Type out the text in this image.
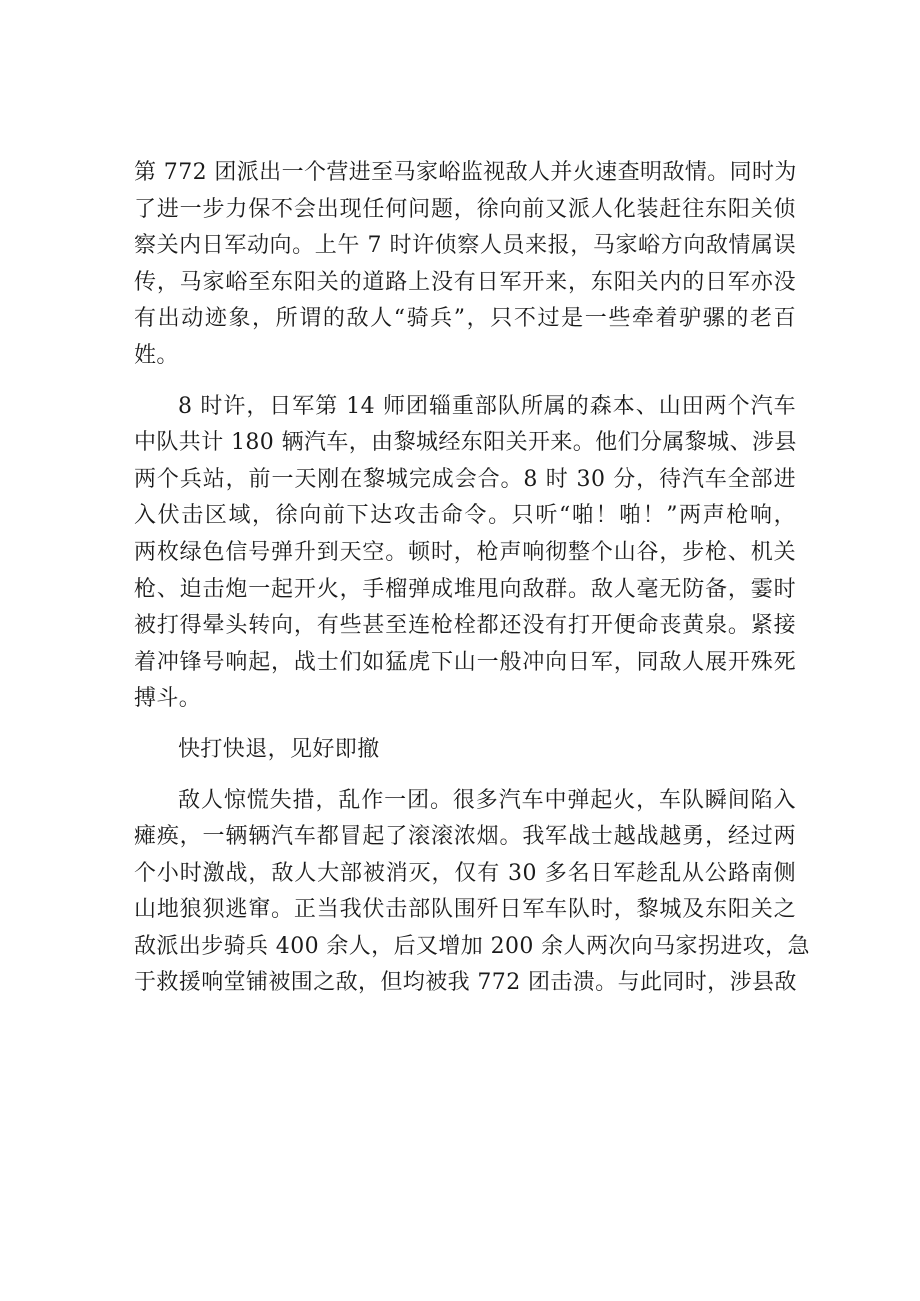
第 772 团派出一个营进至马家峪监视敌人并火速查明敌情。同时为
了进一步力保不会出现任何问题，徐向前又派人化装赶往东阳关侦
察关内日军动向。上午 7 时许侦察人员来报，马家峪方向敌情属误
传，马家峪至东阳关的道路上没有日军开来，东阳关内的日军亦没
有出动迹象，所谓的敌人“骑兵”，只不过是一些牵着驴骡的老百
姓。

8 时许，日军第 14 师团辎重部队所属的森本、山田两个汽车
中队共计 180 辆汽车，由黎城经东阳关开来。他们分属黎城、涉县
两个兵站，前一天刚在黎城完成会合。8 时 30 分，待汽车全部进
入伏击区域，徐向前下达攻击命令。只听“啪！啪！”两声枪响，
两枚绿色信号弹升到天空。顿时，枪声响彻整个山谷，步枪、机关
枪、迫击炮一起开火，手榴弹成堆甩向敌群。敌人毫无防备，霎时
被打得晕头转向，有些甚至连枪栓都还没有打开便命丧黄泉。紧接
着冲锋号响起，战士们如猛虎下山一般冲向日军，同敌人展开殊死
搏斗。

快打快退，见好即撤

敌人惊慌失措，乱作一团。很多汽车中弹起火，车队瞬间陷入
瘫痪，一辆辆汽车都冒起了滚滚浓烟。我军战士越战越勇，经过两
个小时激战，敌人大部被消灭，仅有 30 多名日军趁乱从公路南侧
山地狼狈逃窜。正当我伏击部队围歼日军车队时，黎城及东阳关之
敌派出步骑兵 400 余人，后又增加 200 余人两次向马家拐进攻，急
于救援响堂铺被围之敌，但均被我 772 团击溃。与此同时，涉县敌
